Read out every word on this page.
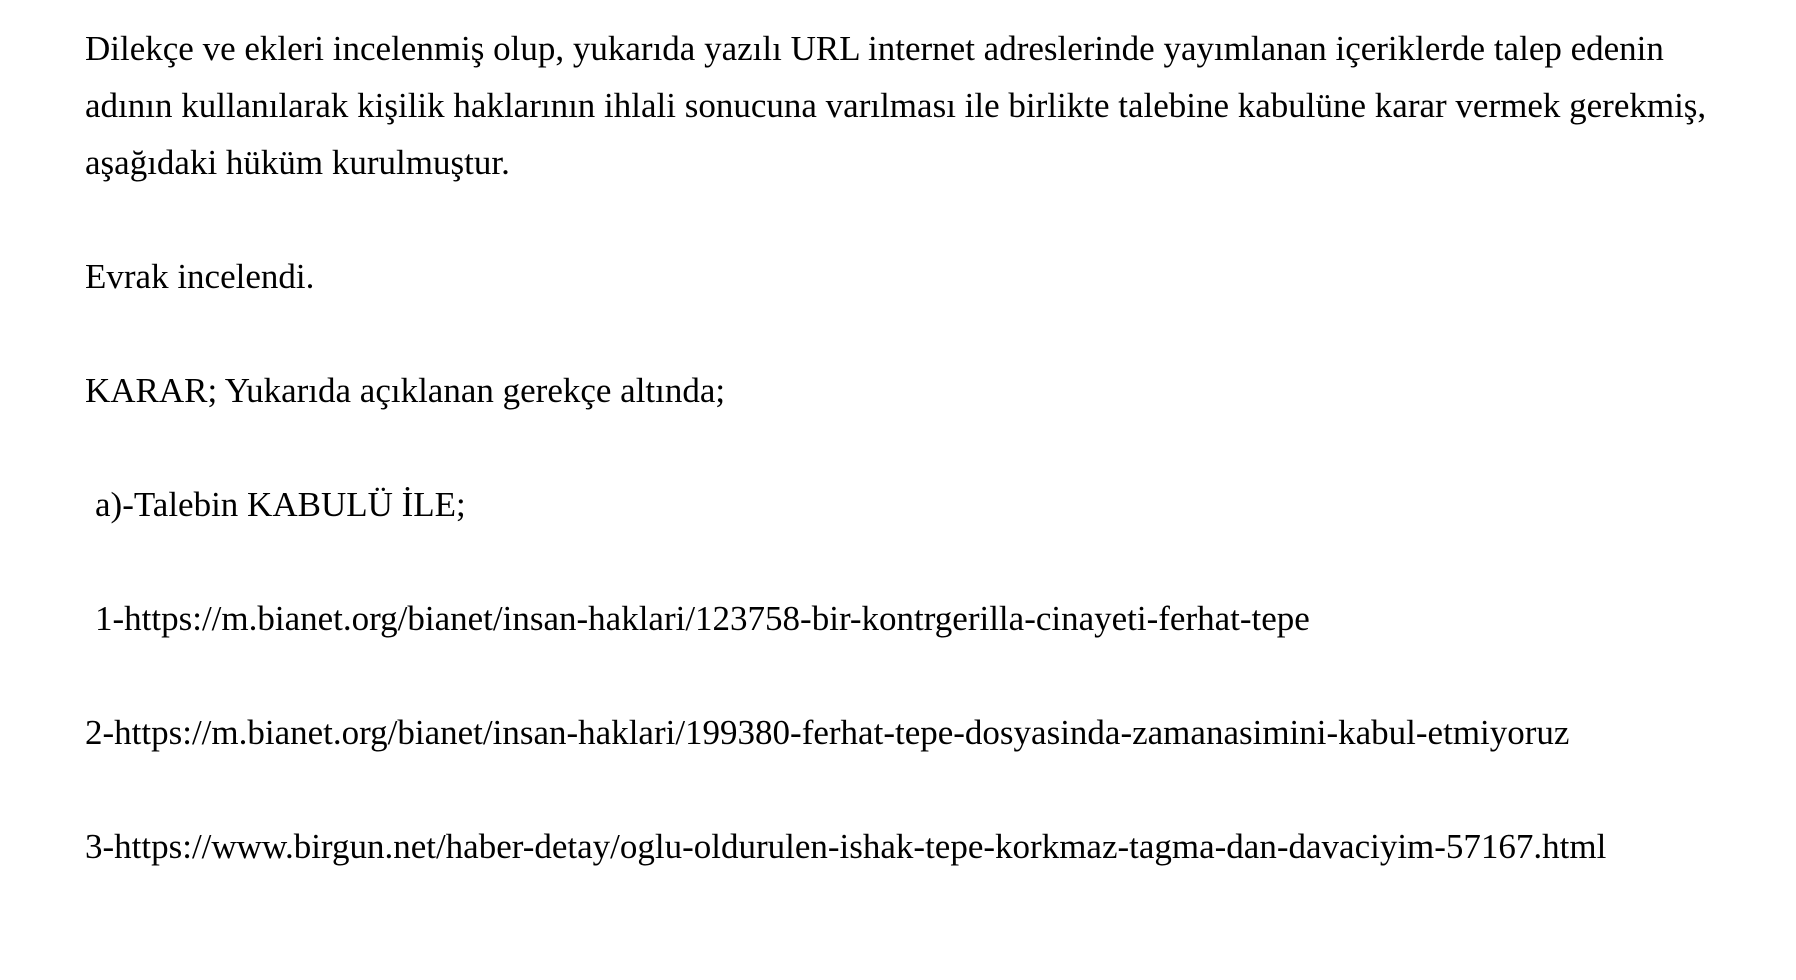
Dilekçe ve ekleri incelenmiş olup, yukarıda yazılı URL internet adreslerinde yayımlanan içeriklerde talep edenin adının kullanılarak kişilik haklarının ihlali sonucuna varılması ile birlikte talebine kabulüne karar vermek gerekmiş, aşağıdaki hüküm kurulmuştur.

Evrak incelendi.

KARAR; Yukarıda açıklanan gerekçe altında;

a)-Talebin KABULÜ İLE;

1-https://m.bianet.org/bianet/insan-haklari/123758-bir-kontrgerilla-cinayeti-ferhat-tepe

2-https://m.bianet.org/bianet/insan-haklari/199380-ferhat-tepe-dosyasinda-zamanasimini-kabul-etmiyoruz

3-https://www.birgun.net/haber-detay/oglu-oldurulen-ishak-tepe-korkmaz-tagma-dan-davaciyim-57167.html
